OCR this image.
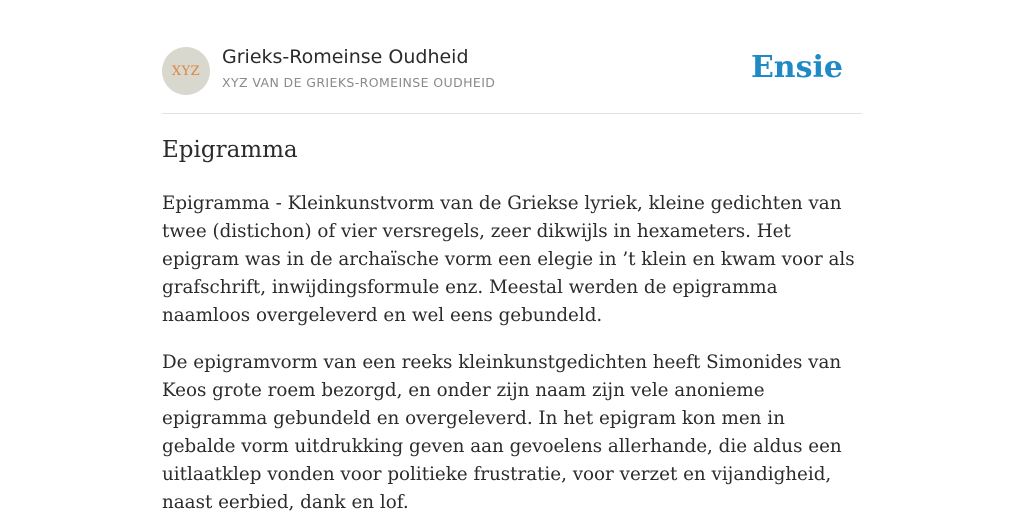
XYZ
Grieks-Romeinse Oudheid
XYZ VAN DE GRIEKS-ROMEINSE OUDHEID	Ensie
Epigramma

Epigramma - Kleinkunstvorm van de Griekse lyriek, kleine gedichten van twee (distichon) of vier versregels, zeer dikwijls in hexameters. Het epigram was in de archaïsche vorm een elegie in ’t klein en kwam voor als grafschrift, inwijdingsformule enz. Meestal werden de epigramma naamloos overgeleverd en wel eens gebundeld.

De epigramvorm van een reeks kleinkunstgedichten heeft Simonides van Keos grote roem bezorgd, en onder zijn naam zijn vele anonieme epigramma gebundeld en overgeleverd. In het epigram kon men in gebalde vorm uitdrukking geven aan gevoelens allerhande, die aldus een uitlaatklep vonden voor politieke frustratie, voor verzet en vijandigheid, naast eerbied, dank en lof.
